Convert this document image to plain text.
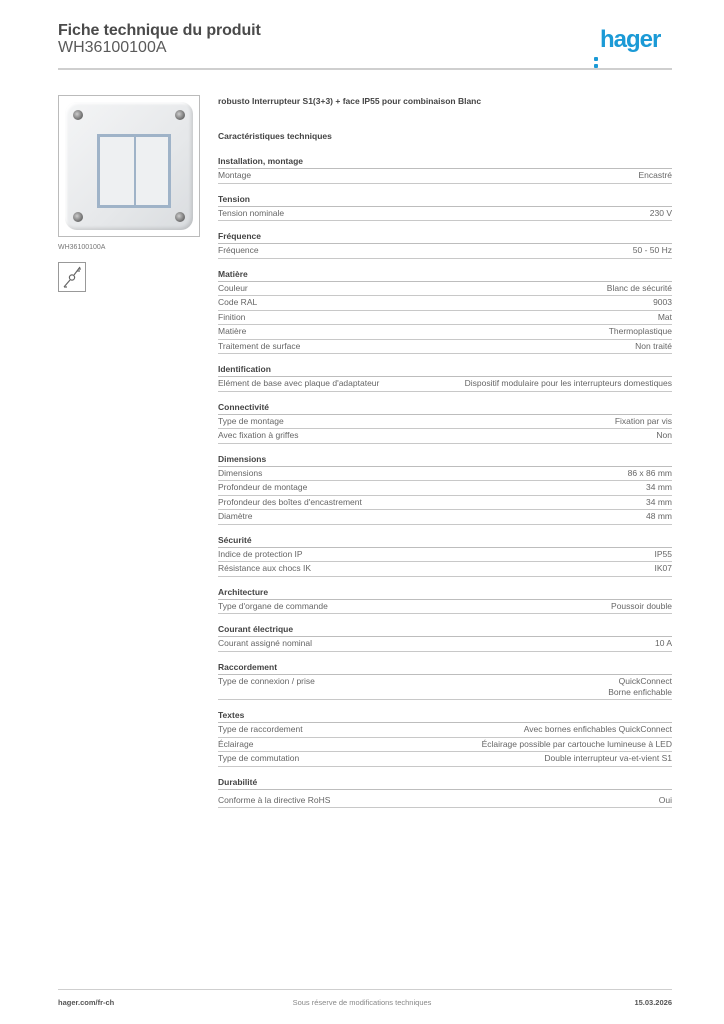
Fiche technique du produit
WH36100100A	hager
WH36100100A
robusto Interrupteur S1(3+3) + face IP55 pour combinaison Blanc
Caractéristiques techniques
Installation, montage
Montage	Encastré
Tension
Tension nominale	230 V
Fréquence
Fréquence	50 - 50 Hz
Matière
Couleur	Blanc de sécurité
Code RAL	9003
Finition	Mat
Matière	Thermoplastique
Traitement de surface	Non traité
Identification
Elément de base avec plaque d'adaptateur	Dispositif modulaire pour les interrupteurs domestiques
Connectivité
Type de montage	Fixation par vis
Avec fixation à griffes	Non
Dimensions
Dimensions	86 x 86 mm
Profondeur de montage	34 mm
Profondeur des boîtes d'encastrement	34 mm
Diamètre	48 mm
Sécurité
Indice de protection IP	IP55
Résistance aux chocs IK	IK07
Architecture
Type d'organe de commande	Poussoir double
Courant électrique
Courant assigné nominal	10 A
Raccordement
Type de connexion / prise	QuickConnect
Borne enfichable
Textes
Type de raccordement	Avec bornes enfichables QuickConnect
Éclairage	Éclairage possible par cartouche lumineuse à LED
Type de commutation	Double interrupteur va-et-vient S1
Durabilité
Conforme à la directive RoHS	Oui
hager.com/fr-ch	Sous réserve de modifications techniques	15.03.2026
